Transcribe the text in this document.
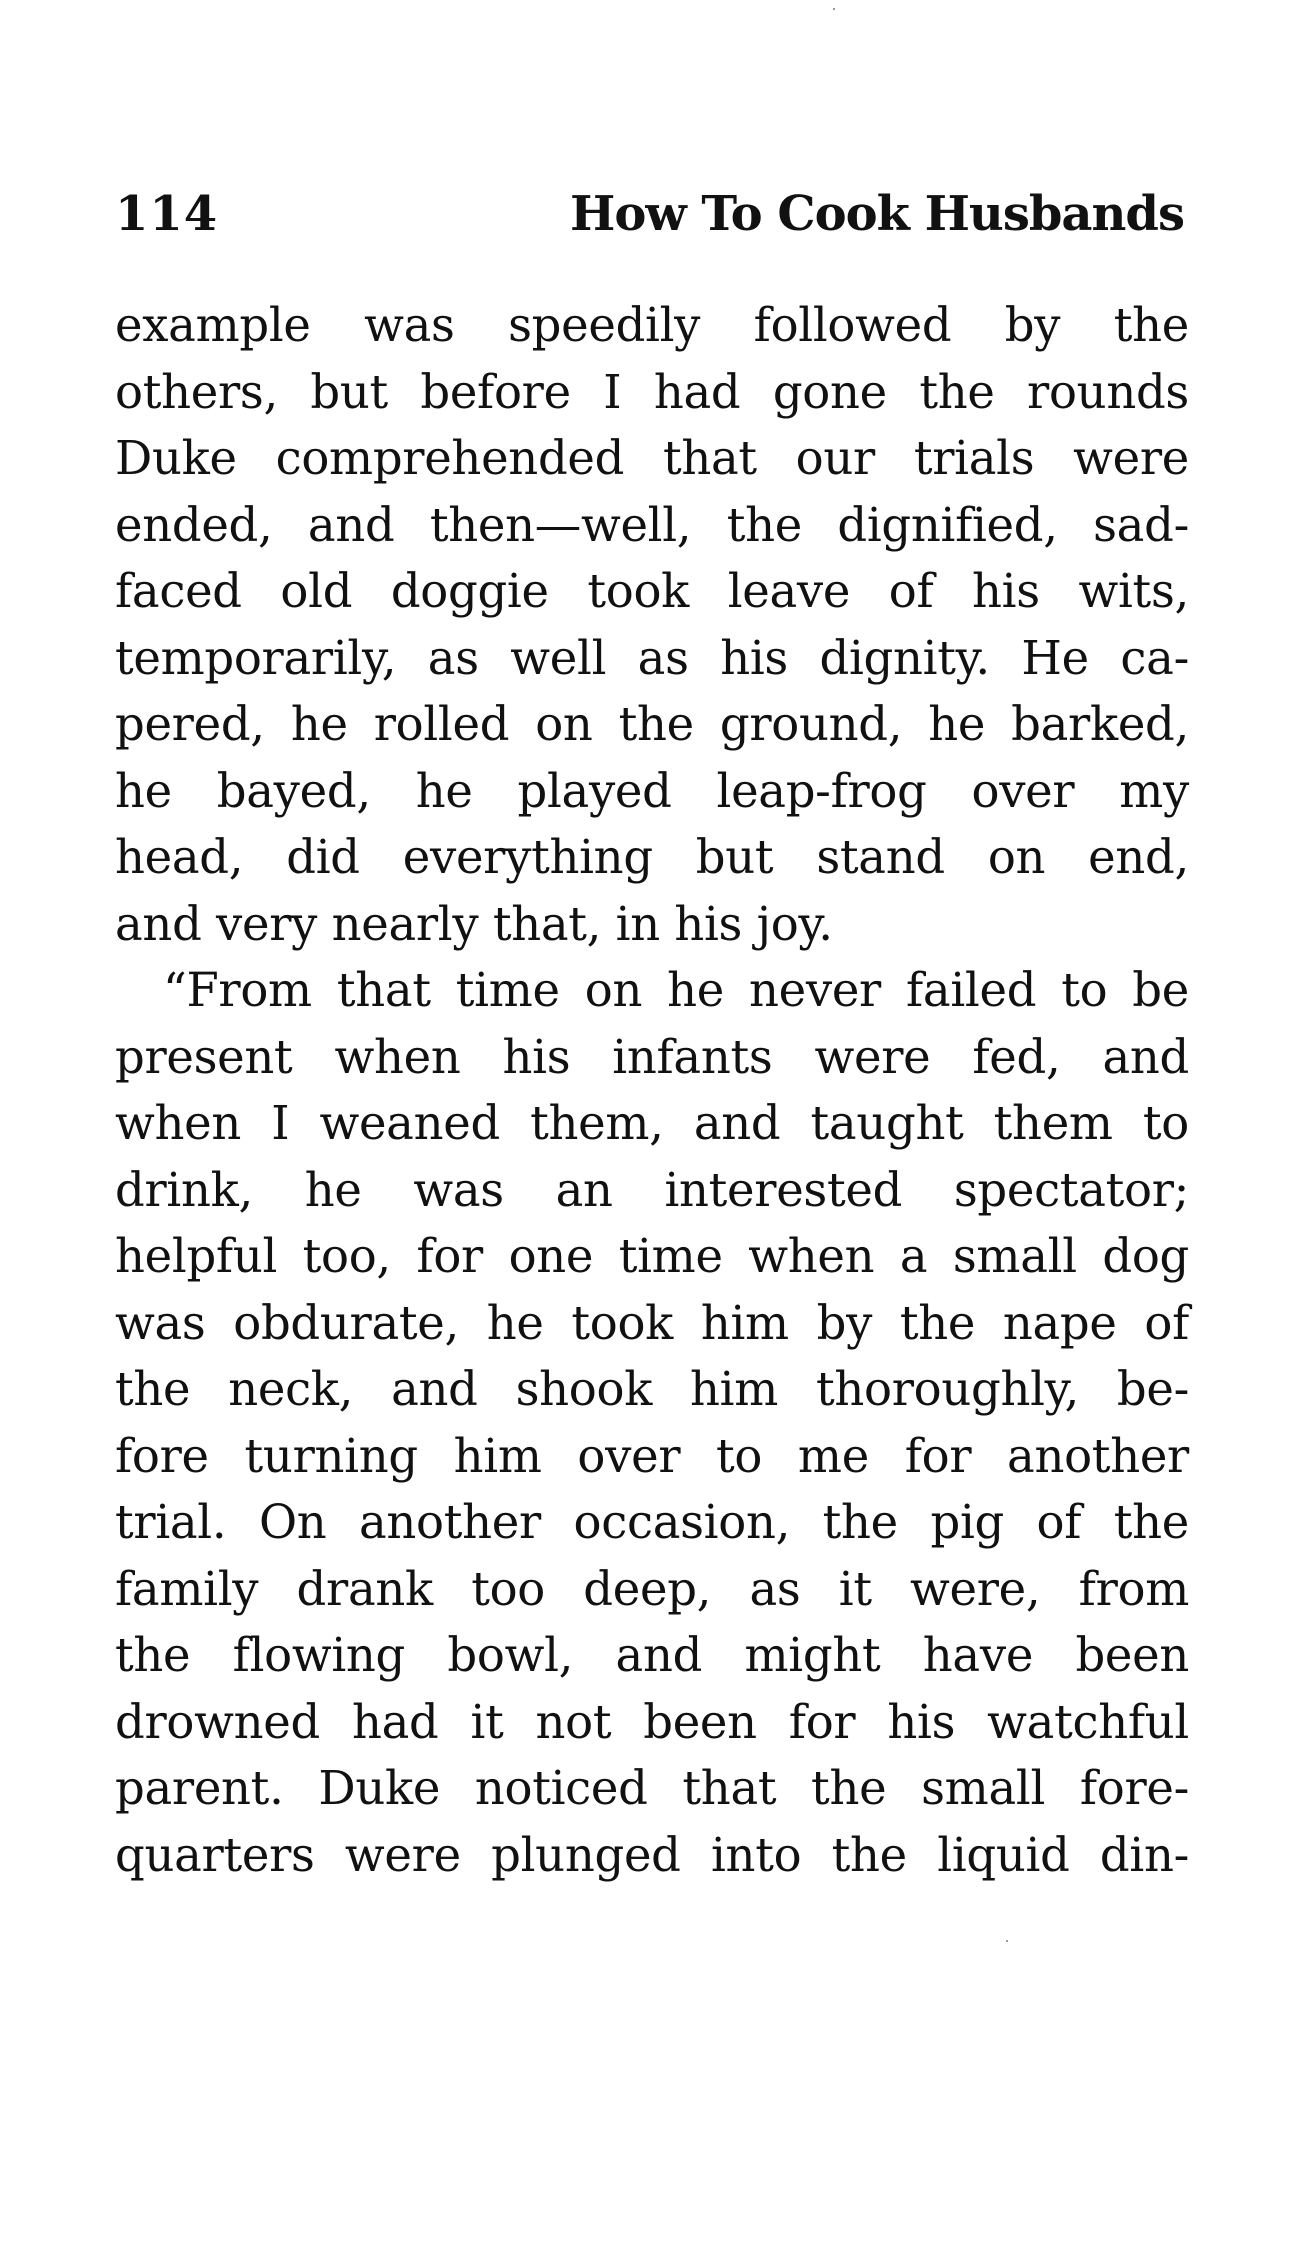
114	How To Cook Husbands
example was speedily followed by the
others, but before I had gone the rounds
Duke comprehended that our trials were
ended, and then—well, the dignified, sad-
faced old doggie took leave of his wits,
temporarily, as well as his dignity. He ca-
pered, he rolled on the ground, he barked,
he bayed, he played leap-frog over my
head, did everything but stand on end,
and very nearly that, in his joy.
“From that time on he never failed to be
present when his infants were fed, and
when I weaned them, and taught them to
drink, he was an interested spectator;
helpful too, for one time when a small dog
was obdurate, he took him by the nape of
the neck, and shook him thoroughly, be-
fore turning him over to me for another
trial. On another occasion, the pig of the
family drank too deep, as it were, from
the flowing bowl, and might have been
drowned had it not been for his watchful
parent. Duke noticed that the small fore-
quarters were plunged into the liquid din-
